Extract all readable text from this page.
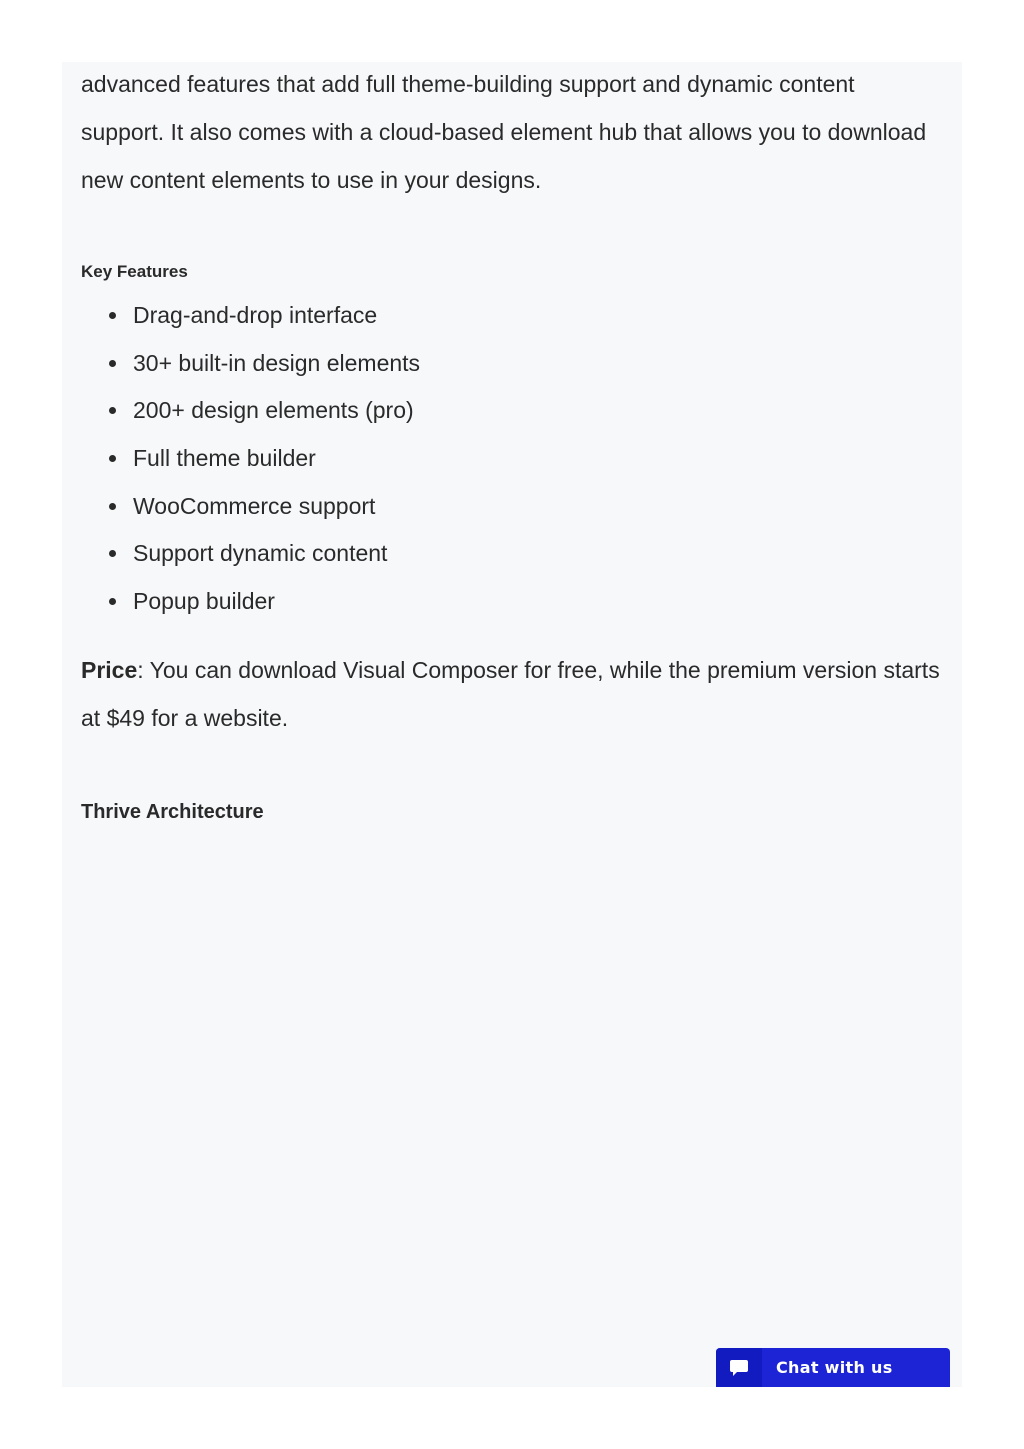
advanced features that add full theme-building support and dynamic content support. It also comes with a cloud-based element hub that allows you to download new content elements to use in your designs.

Key Features
Drag-and-drop interface
30+ built-in design elements
200+ design elements (pro)
Full theme builder
WooCommerce support
Support dynamic content
Popup builder

Price: You can download Visual Composer for free, while the premium version starts at $49 for a website.

Thrive Architecture
Chat with us
